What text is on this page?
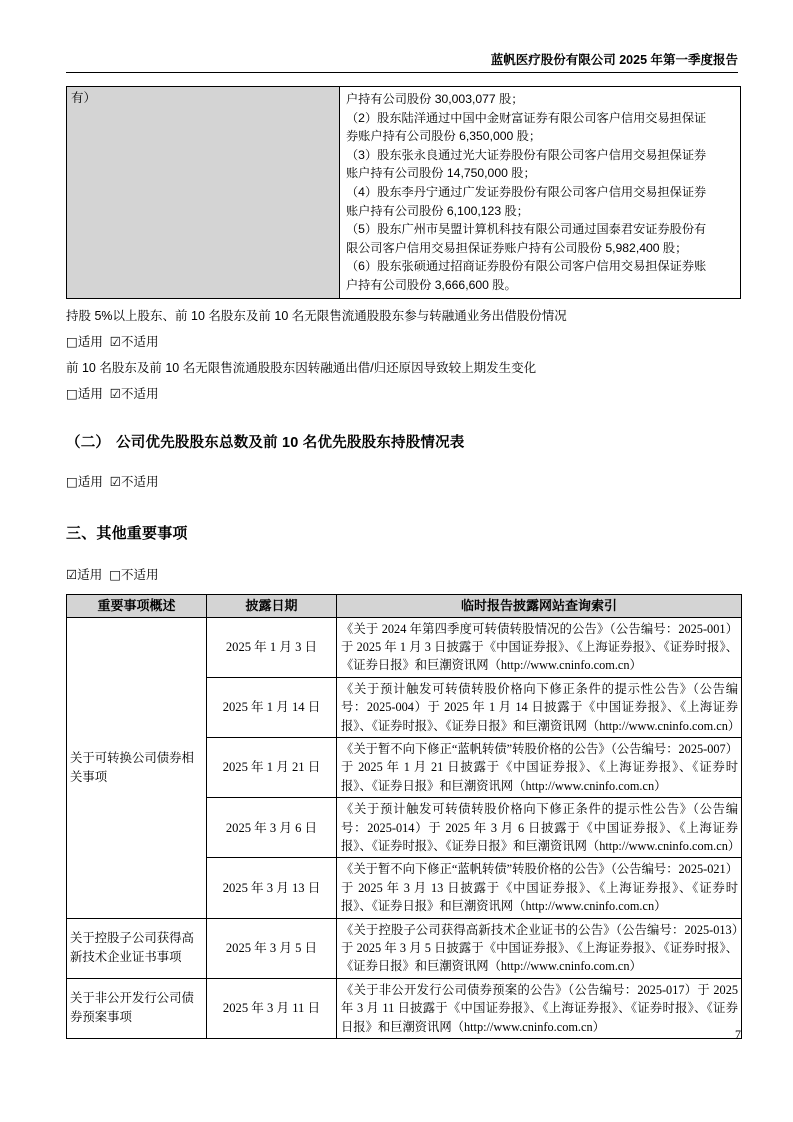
蓝帆医疗股份有限公司 2025 年第一季度报告
有）	户持有公司股份 30,003,077 股；

（2）股东陆洋通过中国中金财富证券有限公司客户信用交易担保证

券账户持有公司股份 6,350,000 股；

（3）股东张永良通过光大证券股份有限公司客户信用交易担保证券

账户持有公司股份 14,750,000 股；

（4）股东李丹宁通过广发证券股份有限公司客户信用交易担保证券

账户持有公司股份 6,100,123 股；

（5）股东广州市昊盟计算机科技有限公司通过国泰君安证券股份有

限公司客户信用交易担保证券账户持有公司股份 5,982,400 股；

（6）股东张硕通过招商证券股份有限公司客户信用交易担保证券账

户持有公司股份 3,666,600 股。

持股 5%以上股东、前 10 名股东及前 10 名无限售流通股股东参与转融通业务出借股份情况

□适用 ☑不适用

前 10 名股东及前 10 名无限售流通股股东因转融通出借/归还原因导致较上期发生变化

□适用 ☑不适用

（二） 公司优先股股东总数及前 10 名优先股股东持股情况表

□适用 ☑不适用

三、其他重要事项

☑适用 □不适用

重要事项概述	披露日期	临时报告披露网站查询索引
关于可转换公司债券相关事项	2025 年 1 月 3 日	《关于 2024 年第四季度可转债转股情况的公告》（公告编号：2025-001）于 2025 年 1 月 3 日披露于《中国证券报》、《上海证券报》、《证券时报》、《证券日报》和巨潮资讯网（http://www.cninfo.com.cn）
	2025 年 1 月 14 日	《关于预计触发可转债转股价格向下修正条件的提示性公告》（公告编号：2025-004）于 2025 年 1 月 14 日披露于《中国证券报》、《上海证券报》、《证券时报》、《证券日报》和巨潮资讯网（http://www.cninfo.com.cn）
	2025 年 1 月 21 日	《关于暂不向下修正“蓝帆转债”转股价格的公告》（公告编号：2025-007）于 2025 年 1 月 21 日披露于《中国证券报》、《上海证券报》、《证券时报》、《证券日报》和巨潮资讯网（http://www.cninfo.com.cn）
	2025 年 3 月 6 日	《关于预计触发可转债转股价格向下修正条件的提示性公告》（公告编号：2025-014）于 2025 年 3 月 6 日披露于《中国证券报》、《上海证券报》、《证券时报》、《证券日报》和巨潮资讯网（http://www.cninfo.com.cn）
	2025 年 3 月 13 日	《关于暂不向下修正“蓝帆转债”转股价格的公告》（公告编号：2025-021）于 2025 年 3 月 13 日披露于《中国证券报》、《上海证券报》、《证券时报》、《证券日报》和巨潮资讯网（http://www.cninfo.com.cn）
关于控股子公司获得高新技术企业证书事项	2025 年 3 月 5 日	《关于控股子公司获得高新技术企业证书的公告》（公告编号：2025-013）于 2025 年 3 月 5 日披露于《中国证券报》、《上海证券报》、《证券时报》、《证券日报》和巨潮资讯网（http://www.cninfo.com.cn）
关于非公开发行公司债券预案事项	2025 年 3 月 11 日	《关于非公开发行公司债券预案的公告》（公告编号：2025-017）于 2025 年 3 月 11 日披露于《中国证券报》、《上海证券报》、《证券时报》、《证券日报》和巨潮资讯网（http://www.cninfo.com.cn）
7
